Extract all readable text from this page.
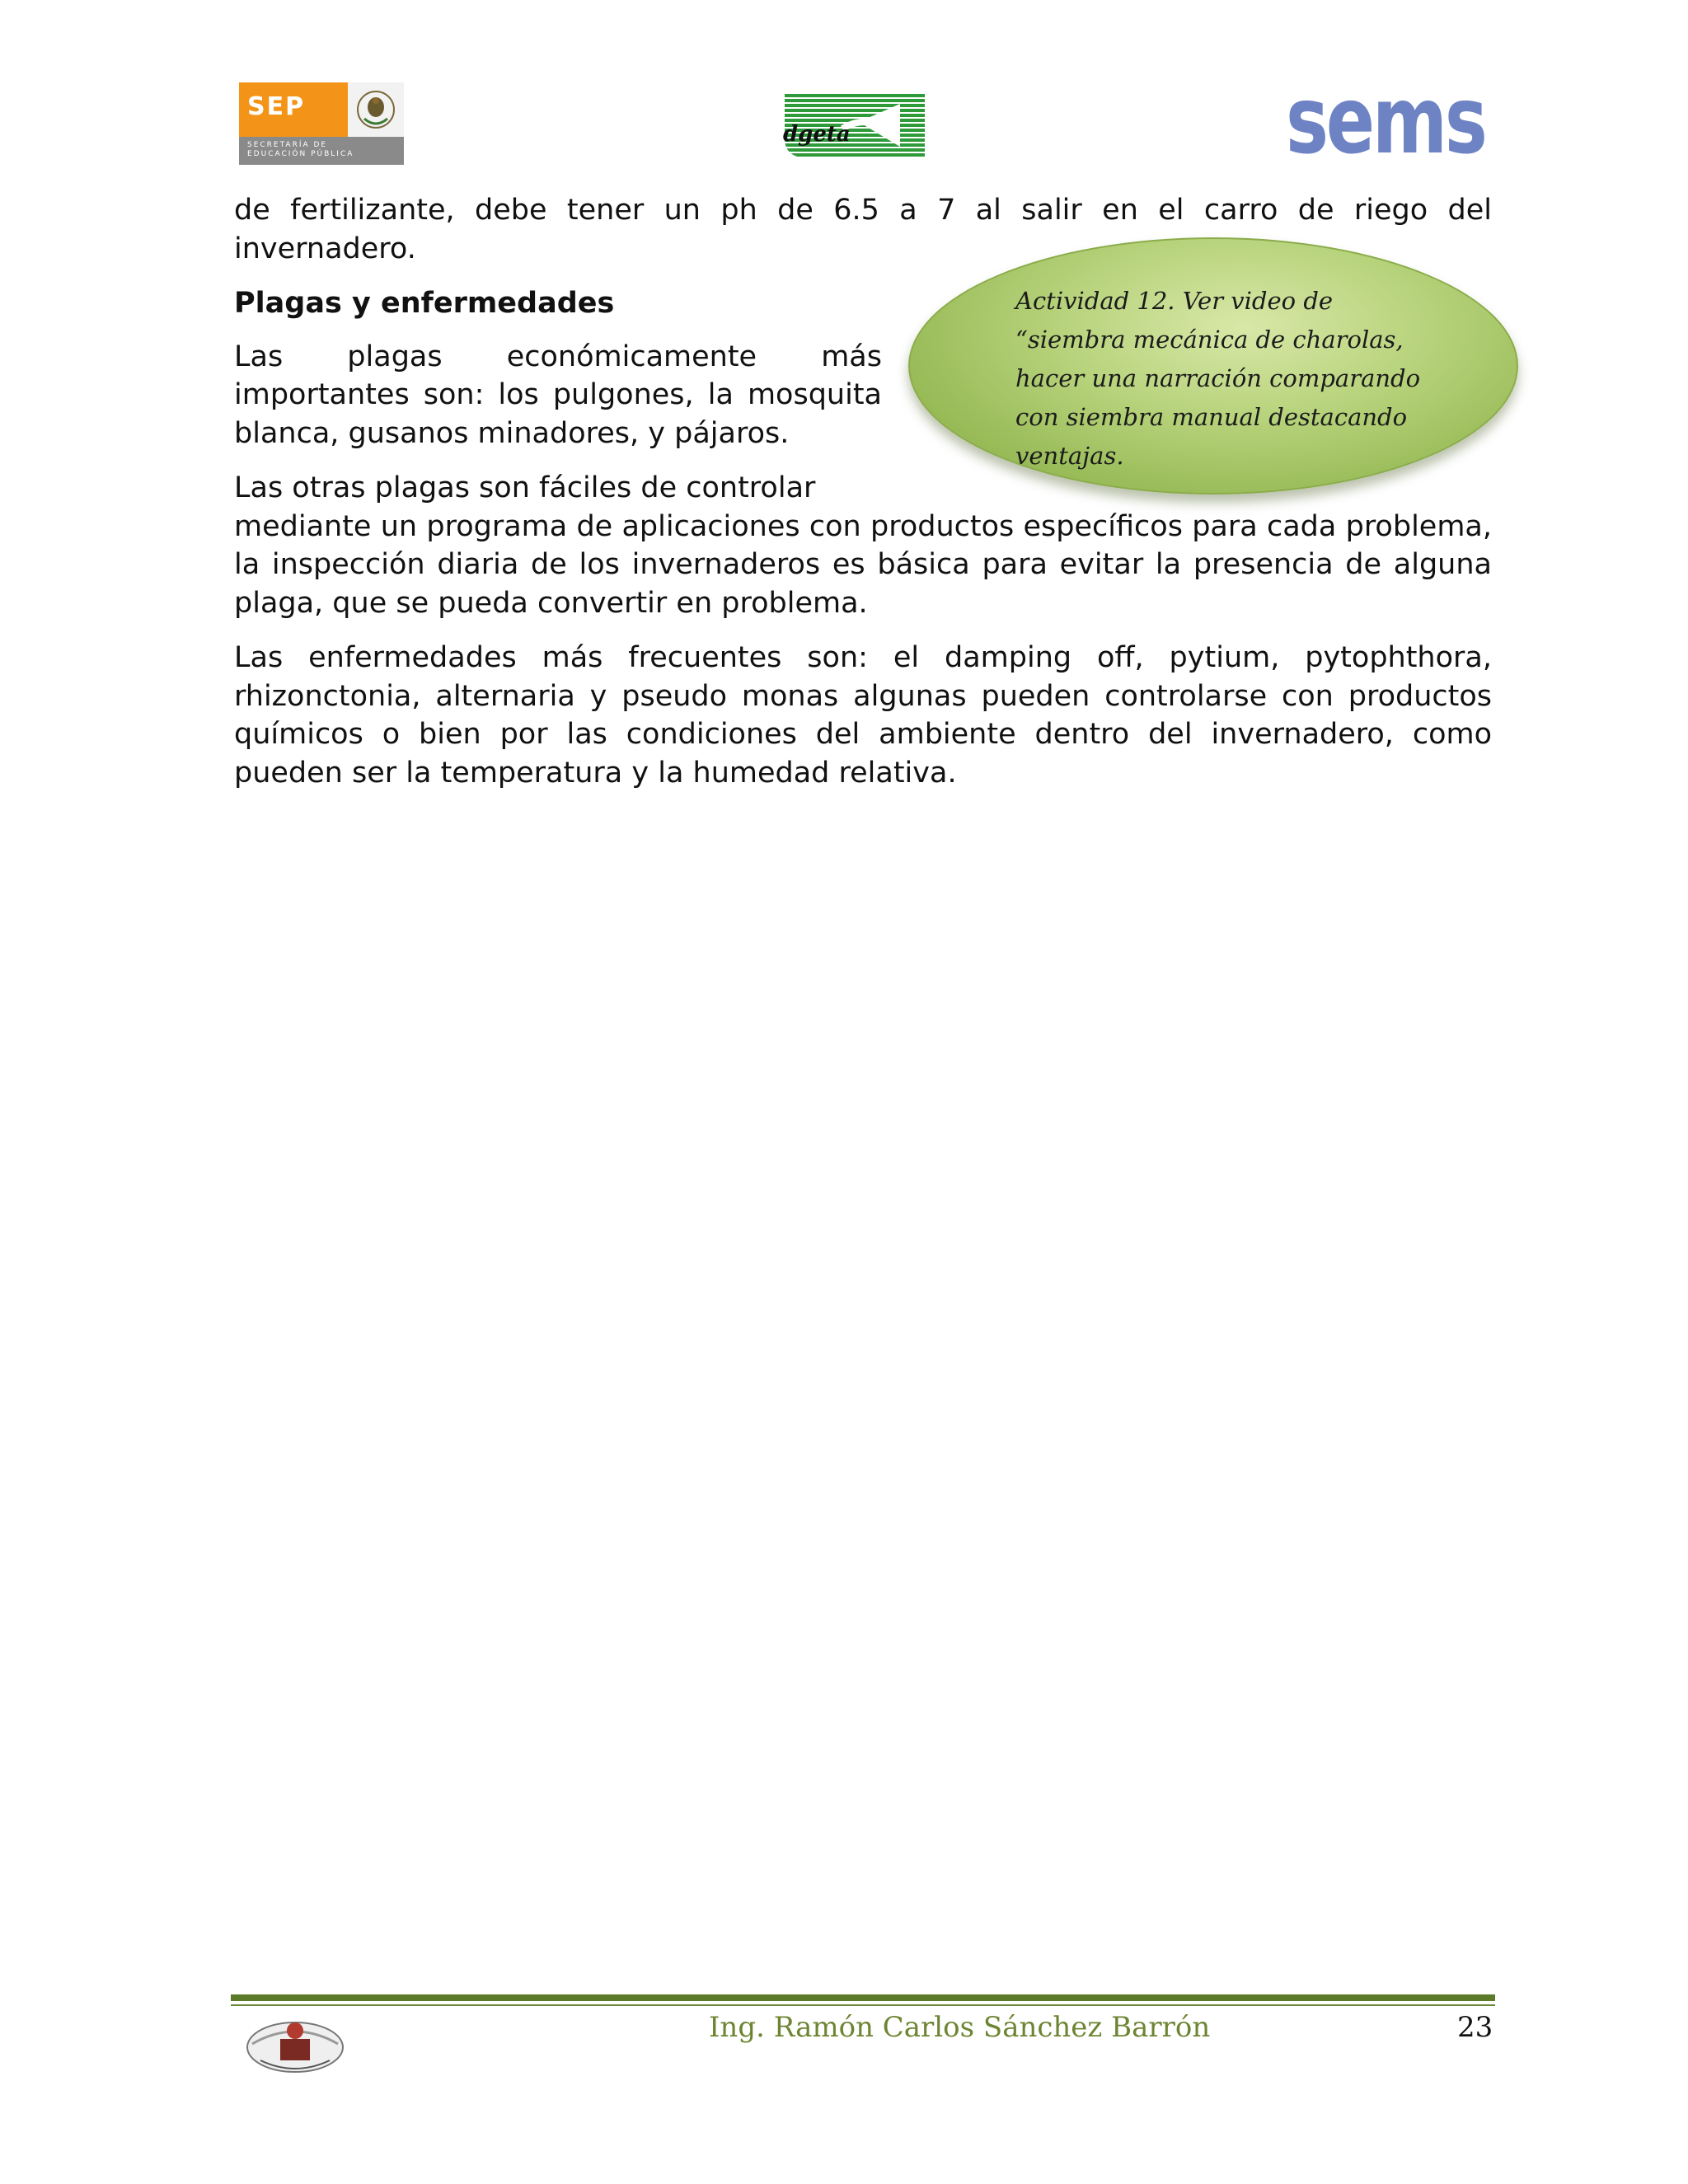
SEP
SECRETARÍA DE
EDUCACIÓN PÚBLICA
dgeta	sems

de fertilizante, debe tener un ph de 6.5 a 7 al salir en el carro de riego del invernadero.

Plagas y enfermedades

Las plagas económicamente más importantes son: los pulgones, la mosquita blanca, gusanos minadores, y pájaros.

Las otras plagas son fáciles de controlar

mediante un programa de aplicaciones con productos específicos para cada problema, la inspección diaria de los invernaderos es básica para evitar la presencia de alguna plaga, que se pueda convertir en problema.

Las enfermedades más frecuentes son: el damping off, pytium, pytophthora, rhizonctonia, alternaria y pseudo monas algunas pueden controlarse con productos químicos o bien por las condiciones del ambiente dentro del invernadero, como pueden ser la temperatura y la humedad relativa.

Actividad 12. Ver video de “siembra mecánica de charolas, hacer una narración comparando con siembra manual destacando ventajas.
Ing. Ramón Carlos Sánchez Barrón	23
